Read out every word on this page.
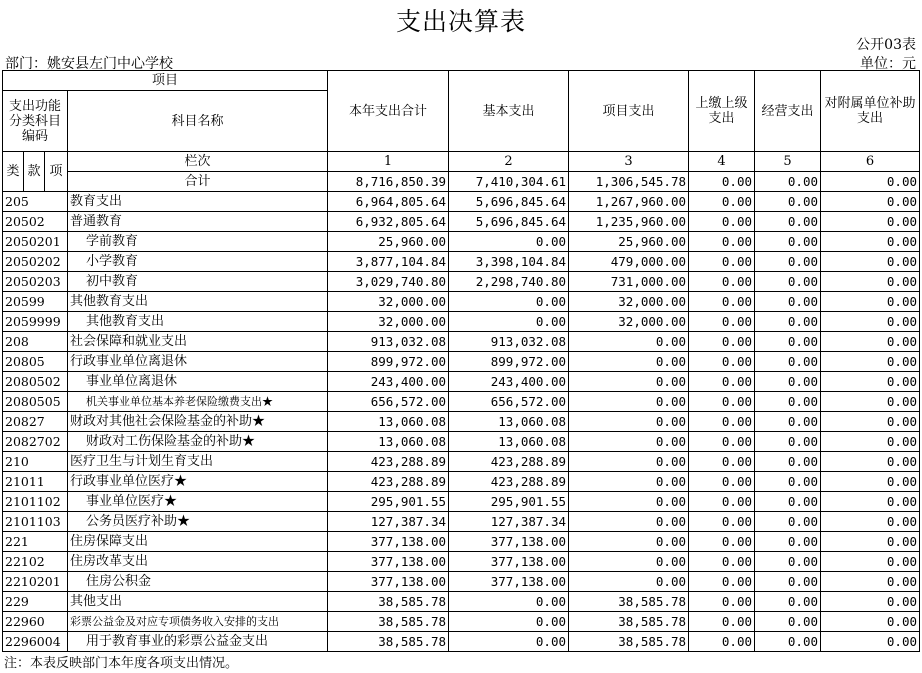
支出决算表
部门：姚安县左门中心学校
公开03表
单位：元
项目				本年支出合计	基本支出	项目支出	上缴上级支出	经营支出	对附属单位补助支出
支出功能分类科目编码			科目名称						

类	款	项	栏次	1	2	3	4	5	6
			合计	8,716,850.39	7,410,304.61	1,306,545.78	0.00	0.00	0.00
205			教育支出	6,964,805.64	5,696,845.64	1,267,960.00	0.00	0.00	0.00
20502			普通教育	6,932,805.64	5,696,845.64	1,235,960.00	0.00	0.00	0.00
2050201			学前教育	25,960.00	0.00	25,960.00	0.00	0.00	0.00
2050202			小学教育	3,877,104.84	3,398,104.84	479,000.00	0.00	0.00	0.00
2050203			初中教育	3,029,740.80	2,298,740.80	731,000.00	0.00	0.00	0.00
20599			其他教育支出	32,000.00	0.00	32,000.00	0.00	0.00	0.00
2059999			其他教育支出	32,000.00	0.00	32,000.00	0.00	0.00	0.00
208			社会保障和就业支出	913,032.08	913,032.08	0.00	0.00	0.00	0.00
20805			行政事业单位离退休	899,972.00	899,972.00	0.00	0.00	0.00	0.00
2080502			事业单位离退休	243,400.00	243,400.00	0.00	0.00	0.00	0.00
2080505			机关事业单位基本养老保险缴费支出★	656,572.00	656,572.00	0.00	0.00	0.00	0.00
20827			财政对其他社会保险基金的补助★	13,060.08	13,060.08	0.00	0.00	0.00	0.00
2082702			财政对工伤保险基金的补助★	13,060.08	13,060.08	0.00	0.00	0.00	0.00
210			医疗卫生与计划生育支出	423,288.89	423,288.89	0.00	0.00	0.00	0.00
21011			行政事业单位医疗★	423,288.89	423,288.89	0.00	0.00	0.00	0.00
2101102			事业单位医疗★	295,901.55	295,901.55	0.00	0.00	0.00	0.00
2101103			公务员医疗补助★	127,387.34	127,387.34	0.00	0.00	0.00	0.00
221			住房保障支出	377,138.00	377,138.00	0.00	0.00	0.00	0.00
22102			住房改革支出	377,138.00	377,138.00	0.00	0.00	0.00	0.00
2210201			住房公积金	377,138.00	377,138.00	0.00	0.00	0.00	0.00
229			其他支出	38,585.78	0.00	38,585.78	0.00	0.00	0.00
22960			彩票公益金及对应专项债务收入安排的支出	38,585.78	0.00	38,585.78	0.00	0.00	0.00
2296004			用于教育事业的彩票公益金支出	38,585.78	0.00	38,585.78	0.00	0.00	0.00
注：本表反映部门本年度各项支出情况。
